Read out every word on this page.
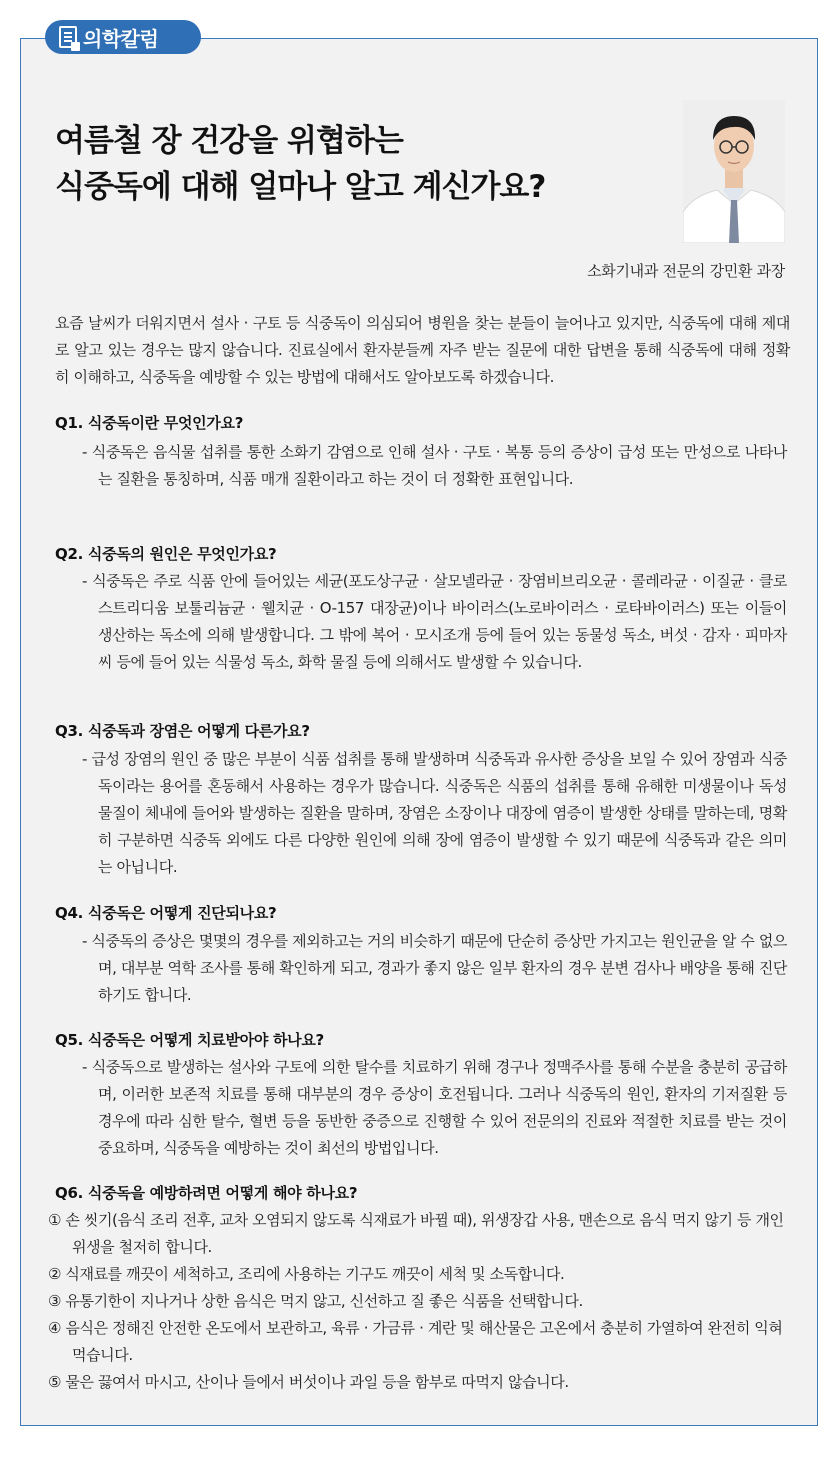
의학칼럼
여름철 장 건강을 위협하는
식중독에 대해 얼마나 알고 계신가요?
소화기내과 전문의 강민환 과장
요즘 날씨가 더워지면서 설사 · 구토 등 식중독이 의심되어 병원을 찾는 분들이 늘어나고 있지만, 식중독에 대해 제대로 알고 있는 경우는 많지 않습니다. 진료실에서 환자분들께 자주 받는 질문에 대한 답변을 통해 식중독에 대해 정확히 이해하고, 식중독을 예방할 수 있는 방법에 대해서도 알아보도록 하겠습니다.
Q1. 식중독이란 무엇인가요?
- 식중독은 음식물 섭취를 통한 소화기 감염으로 인해 설사 · 구토 · 복통 등의 증상이 급성 또는 만성으로 나타나는 질환을 통칭하며, 식품 매개 질환이라고 하는 것이 더 정확한 표현입니다.
Q2. 식중독의 원인은 무엇인가요?
- 식중독은 주로 식품 안에 들어있는 세균(포도상구균 · 살모넬라균 · 장염비브리오균 · 콜레라균 · 이질균 · 클로스트리디움 보툴리늄균 · 웰치균 · O-157 대장균)이나 바이러스(노로바이러스 · 로타바이러스) 또는 이들이 생산하는 독소에 의해 발생합니다. 그 밖에 복어 · 모시조개 등에 들어 있는 동물성 독소, 버섯 · 감자 · 피마자씨 등에 들어 있는 식물성 독소, 화학 물질 등에 의해서도 발생할 수 있습니다.
Q3. 식중독과 장염은 어떻게 다른가요?
- 급성 장염의 원인 중 많은 부분이 식품 섭취를 통해 발생하며 식중독과 유사한 증상을 보일 수 있어 장염과 식중독이라는 용어를 혼동해서 사용하는 경우가 많습니다. 식중독은 식품의 섭취를 통해 유해한 미생물이나 독성 물질이 체내에 들어와 발생하는 질환을 말하며, 장염은 소장이나 대장에 염증이 발생한 상태를 말하는데, 명확히 구분하면 식중독 외에도 다른 다양한 원인에 의해 장에 염증이 발생할 수 있기 때문에 식중독과 같은 의미는 아닙니다.
Q4. 식중독은 어떻게 진단되나요?
- 식중독의 증상은 몇몇의 경우를 제외하고는 거의 비슷하기 때문에 단순히 증상만 가지고는 원인균을 알 수 없으며, 대부분 역학 조사를 통해 확인하게 되고, 경과가 좋지 않은 일부 환자의 경우 분변 검사나 배양을 통해 진단하기도 합니다.
Q5. 식중독은 어떻게 치료받아야 하나요?
- 식중독으로 발생하는 설사와 구토에 의한 탈수를 치료하기 위해 경구나 정맥주사를 통해 수분을 충분히 공급하며, 이러한 보존적 치료를 통해 대부분의 경우 증상이 호전됩니다. 그러나 식중독의 원인, 환자의 기저질환 등 경우에 따라 심한 탈수, 혈변 등을 동반한 중증으로 진행할 수 있어 전문의의 진료와 적절한 치료를 받는 것이 중요하며, 식중독을 예방하는 것이 최선의 방법입니다.
Q6. 식중독을 예방하려면 어떻게 해야 하나요?
① 손 씻기(음식 조리 전후, 교차 오염되지 않도록 식재료가 바뀔 때), 위생장갑 사용, 맨손으로 음식 먹지 않기 등 개인위생을 철저히 합니다.
② 식재료를 깨끗이 세척하고, 조리에 사용하는 기구도 깨끗이 세척 및 소독합니다.
③ 유통기한이 지나거나 상한 음식은 먹지 않고, 신선하고 질 좋은 식품을 선택합니다.
④ 음식은 정해진 안전한 온도에서 보관하고, 육류 · 가금류 · 계란 및 해산물은 고온에서 충분히 가열하여 완전히 익혀 먹습니다.
⑤ 물은 끓여서 마시고, 산이나 들에서 버섯이나 과일 등을 함부로 따먹지 않습니다.
